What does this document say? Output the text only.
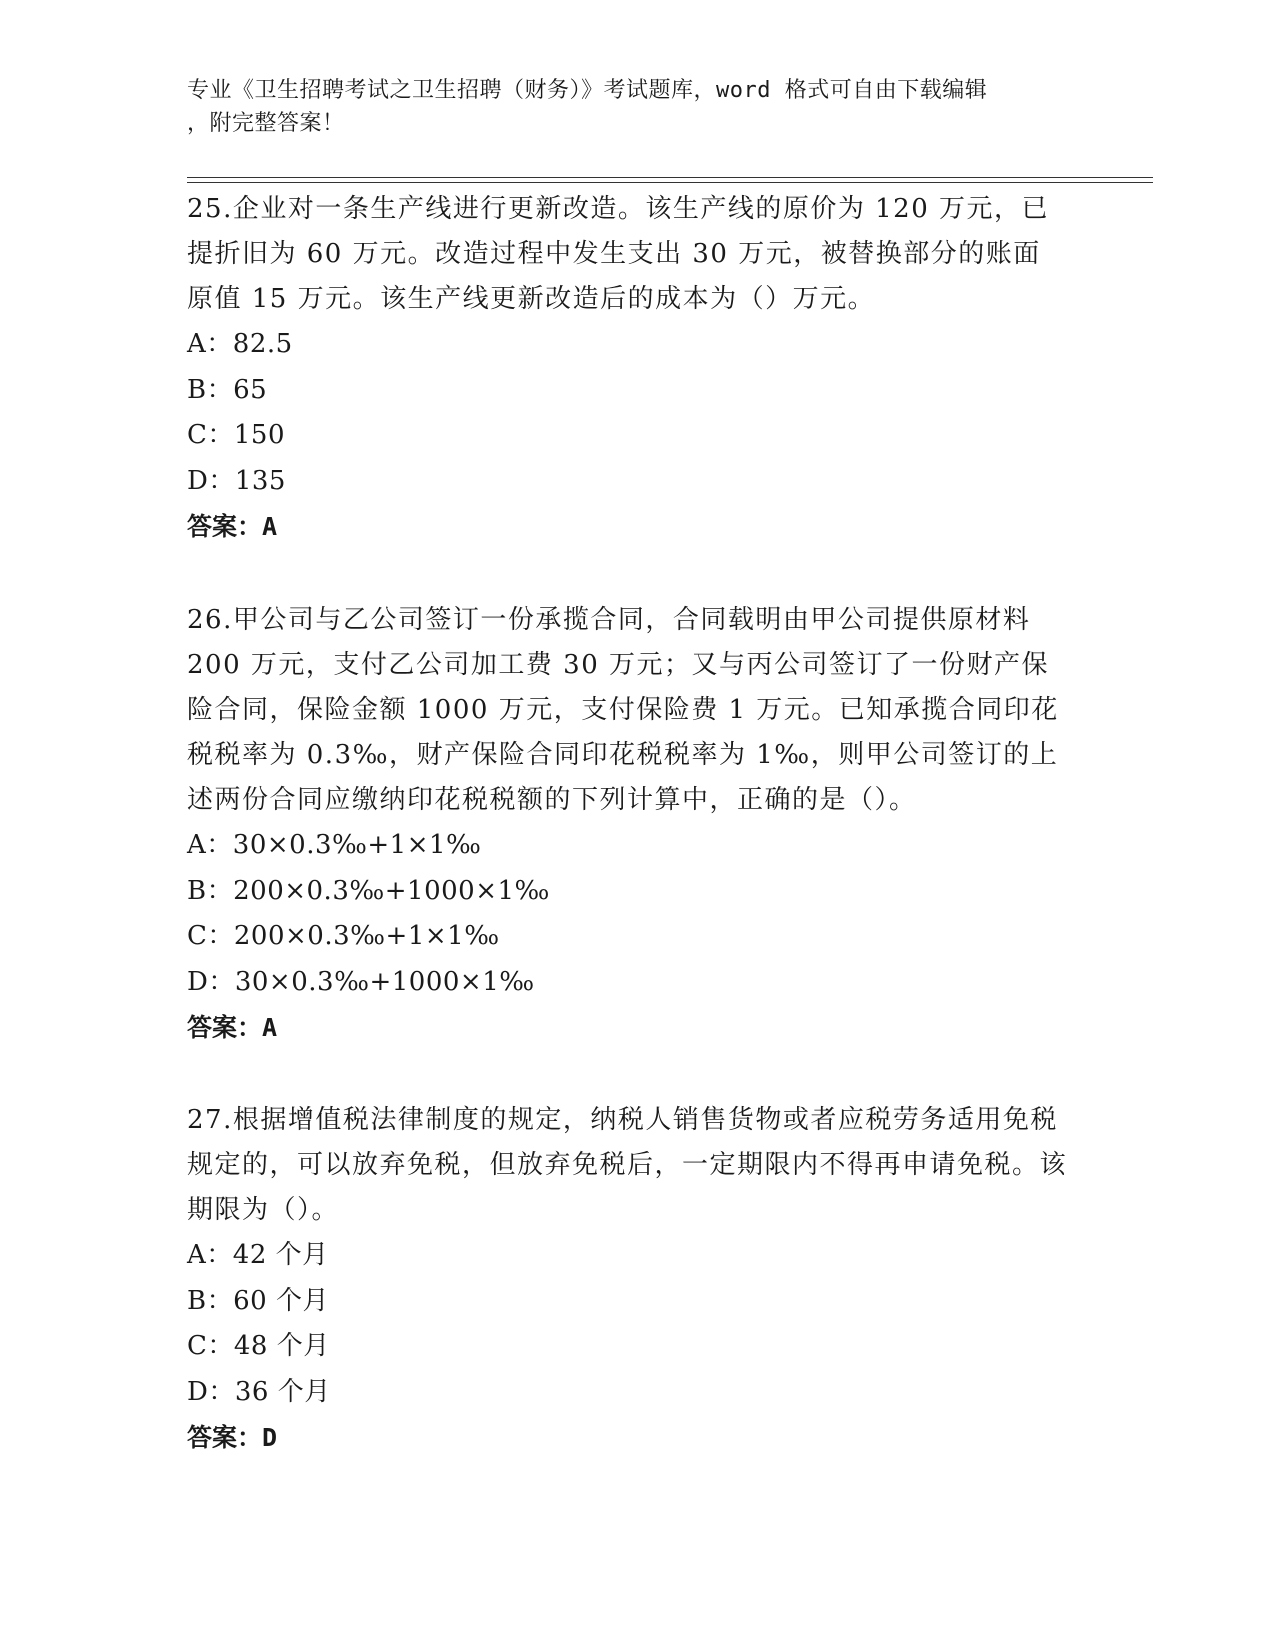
专业《卫生招聘考试之卫生招聘（财务）》考试题库，word 格式可自由下载编辑
，附完整答案！

25.企业对一条生产线进行更新改造。该生产线的原价为 120 万元，已提折旧为 60 万元。改造过程中发生支出 30 万元，被替换部分的账面原值 15 万元。该生产线更新改造后的成本为（）万元。

A：82.5

B：65

C：150

D：135

答案：A

26.甲公司与乙公司签订一份承揽合同，合同载明由甲公司提供原材料 200 万元，支付乙公司加工费 30 万元；又与丙公司签订了一份财产保险合同，保险金额 1000 万元，支付保险费 1 万元。已知承揽合同印花税税率为 0.3‰，财产保险合同印花税税率为 1‰，则甲公司签订的上述两份合同应缴纳印花税税额的下列计算中，正确的是（）。

A：30×0.3‰+1×1‰

B：200×0.3‰+1000×1‰

C：200×0.3‰+1×1‰

D：30×0.3‰+1000×1‰

答案：A

27.根据增值税法律制度的规定，纳税人销售货物或者应税劳务适用免税规定的，可以放弃免税，但放弃免税后，一定期限内不得再申请免税。该期限为（）。

A：42 个月

B：60 个月

C：48 个月

D：36 个月

答案：D
